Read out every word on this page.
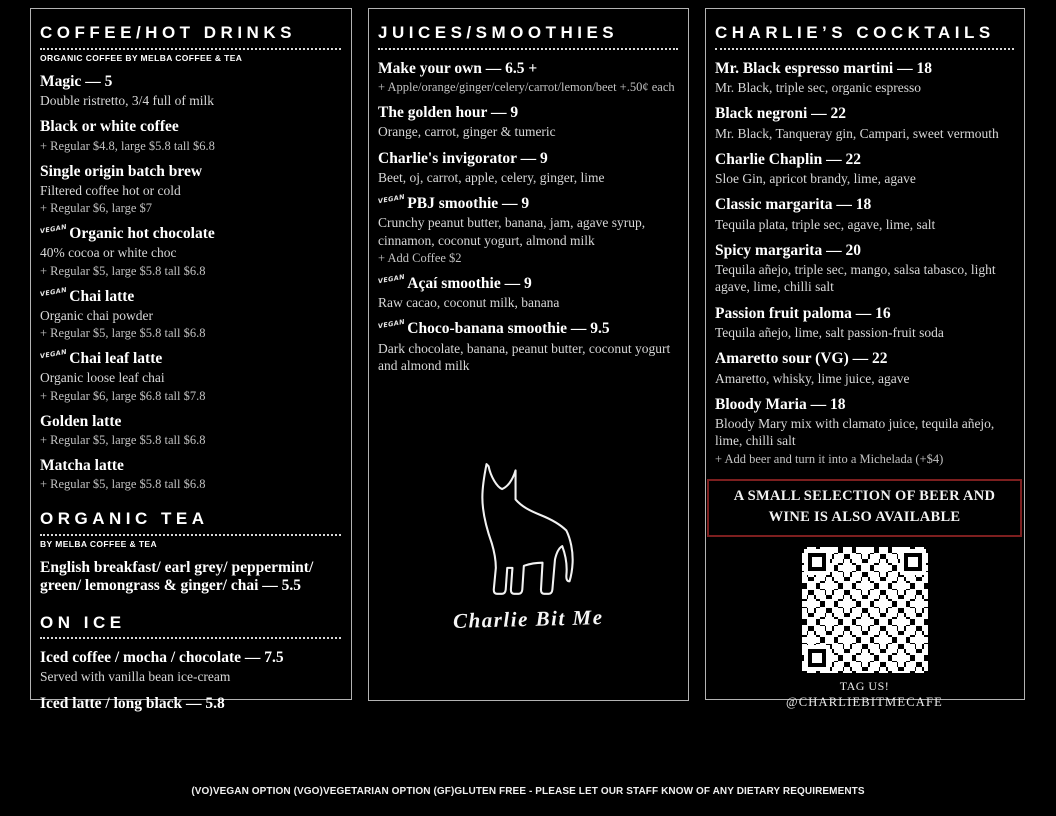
COFFEE/HOT DRINKS
ORGANIC COFFEE BY MELBA COFFEE & TEA
Magic — 5

Double ristretto, 3/4 full of milk

Black or white coffee

+ Regular $4.8, large $5.8 tall $6.8

Single origin batch brew

Filtered coffee hot or cold

+ Regular $6, large $7

VEGAN Organic hot chocolate

40% cocoa or white choc

+ Regular $5, large $5.8 tall $6.8

VEGAN Chai latte

Organic chai powder

+ Regular $5, large $5.8 tall $6.8

VEGAN Chai leaf latte

Organic loose leaf chai

+ Regular $6, large $6.8 tall $7.8

Golden latte

+ Regular $5, large $5.8 tall $6.8

Matcha latte

+ Regular $5, large $5.8 tall $6.8

ORGANIC TEA
BY MELBA COFFEE & TEA
English breakfast/ earl grey/ peppermint/ green/ lemongrass & ginger/ chai — 5.5
ON ICE
Iced coffee / mocha / chocolate — 7.5

Served with vanilla bean ice-cream

Iced latte / long black — 5.8
JUICES/SMOOTHIES
Make your own — 6.5 +

+ Apple/orange/ginger/celery/carrot/lemon/beet +.50¢ each

The golden hour — 9

Orange, carrot, ginger & tumeric

Charlie's invigorator — 9

Beet, oj, carrot, apple, celery, ginger, lime

VEGAN PBJ smoothie — 9

Crunchy peanut butter, banana, jam, agave syrup, cinnamon, coconut yogurt, almond milk

+ Add Coffee $2

VEGAN Açaí smoothie — 9

Raw cacao, coconut milk, banana

VEGAN Choco-banana smoothie — 9.5

Dark chocolate, banana, peanut butter, coconut yogurt and almond milk

Charlie Bit Me
CHARLIE’S COCKTAILS
Mr. Black espresso martini — 18

Mr. Black, triple sec, organic espresso

Black negroni — 22

Mr. Black, Tanqueray gin, Campari, sweet vermouth

Charlie Chaplin — 22

Sloe Gin, apricot brandy, lime, agave

Classic margarita — 18

Tequila plata, triple sec, agave, lime, salt

Spicy margarita — 20

Tequila añejo, triple sec, mango, salsa tabasco, light agave, lime, chilli salt

Passion fruit paloma — 16

Tequila añejo, lime, salt passion-fruit soda

Amaretto sour (VG) — 22

Amaretto, whisky, lime juice, agave

Bloody Maria — 18

Bloody Mary mix with clamato juice, tequila añejo, lime, chilli salt

+ Add beer and turn it into a Michelada (+$4)

A SMALL SELECTION OF BEER AND
WINE IS ALSO AVAILABLE
TAG US!
@CHARLIEBITMECAFE
(VO)VEGAN OPTION (VGO)VEGETARIAN OPTION (GF)GLUTEN FREE - PLEASE LET OUR STAFF KNOW OF ANY DIETARY REQUIREMENTS
